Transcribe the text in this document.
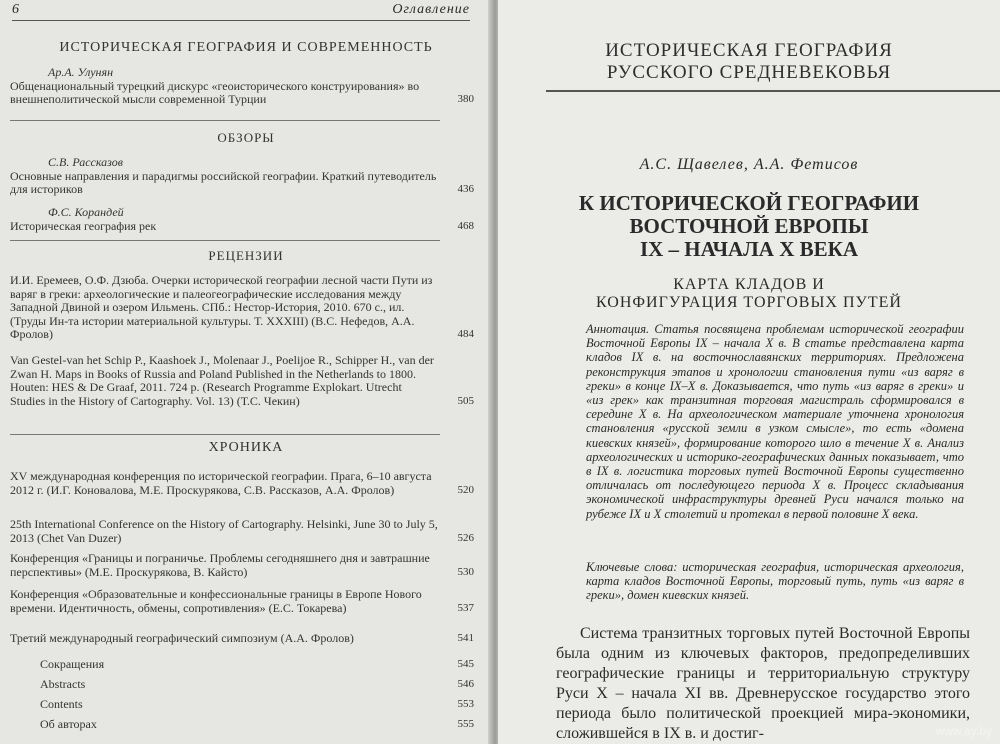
6	Оглавление
ИСТОРИЧЕСКАЯ ГЕОГРАФИЯ И СОВРЕМЕННОСТЬ
Ар.А. Улунян
Общенациональный турецкий дискурс «геоисторического конструирования» во внешнеполитической мысли современной Турции	380
ОБЗОРЫ
С.В. Рассказов
Основные направления и парадигмы российской географии. Краткий путеводитель для историков	436
Ф.С. Корандей
Историческая география рек	468
РЕЦЕНЗИИ
И.И. Еремеев, О.Ф. Дзюба. Очерки исторической географии лесной части Пути из варяг в греки: археологические и палеогеографические исследования между Западной Двиной и озером Ильмень. СПб.: Нестор-История, 2010. 670 с., ил. (Труды Ин-та истории материальной культуры. Т. XXXIII) (В.С. Нефедов, А.А. Фролов)	484
Van Gestel-van het Schip P., Kaashoek J., Molenaar J., Poelijoe R., Schipper H., van der Zwan H. Maps in Books of Russia and Poland Published in the Netherlands to 1800. Houten: HES & De Graaf, 2011. 724 p. (Research Programme Explokart. Utrecht Studies in the History of Cartography. Vol. 13) (Т.С. Чекин)	505
ХРОНИКА
XV международная конференция по исторической географии. Прага, 6–10 августа 2012 г. (И.Г. Коновалова, М.Е. Проскурякова, С.В. Рассказов, А.А. Фролов)	520
25th International Conference on the History of Cartography. Helsinki, June 30 to July 5, 2013 (Chet Van Duzer)	526
Конференция «Границы и пограничье. Проблемы сегодняшнего дня и завтрашние перспективы» (М.Е. Проскурякова, В. Кайсто)	530
Конференция «Образовательные и конфессиональные границы в Европе Нового времени. Идентичность, обмены, сопротивления» (Е.С. Токарева)	537
Третий международный географический симпозиум (А.А. Фролов)	541
Сокращения	545
Abstracts	546
Contents	553
Об авторах	555
ИСТОРИЧЕСКАЯ ГЕОГРАФИЯ
РУССКОГО СРЕДНЕВЕКОВЬЯ
А.С. Щавелев, А.А. Фетисов
К ИСТОРИЧЕСКОЙ ГЕОГРАФИИ
ВОСТОЧНОЙ ЕВРОПЫ
IX – НАЧАЛА X ВЕКА
КАРТА КЛАДОВ И
КОНФИГУРАЦИЯ ТОРГОВЫХ ПУТЕЙ
Аннотация. Статья посвящена проблемам исторической географии Восточной Европы IX – начала X в. В статье представлена карта кладов IX в. на восточнославянских территориях. Предложена реконструкция этапов и хронологии становления пути «из варяг в греки» в конце IX–X в. Доказывается, что путь «из варяг в греки» и «из грек» как транзитная торговая магистраль сформировался в середине X в. На археологическом материале уточнена хронология становления «русской земли в узком смысле», то есть «домена киевских князей», формирование которого шло в течение X в. Анализ археологических и историко-географических данных показывает, что в IX в. логистика торговых путей Восточной Европы существенно отличалась от последующего периода X в. Процесс складывания экономической инфраструктуры древней Руси начался только на рубеже IX и X столетий и протекал в первой половине X века.
Ключевые слова: историческая география, историческая археология, карта кладов Восточной Европы, торговый путь, путь «из варяг в греки», домен киевских князей.
Система транзитных торговых путей Восточной Европы была одним из ключевых факторов, предопределивших географические границы и территориальную структуру Руси X – начала XI вв. Древнерусское государство этого периода было политической проекцией мира-экономики, сложившейся в IX в. и достиг-	www.ay.by
